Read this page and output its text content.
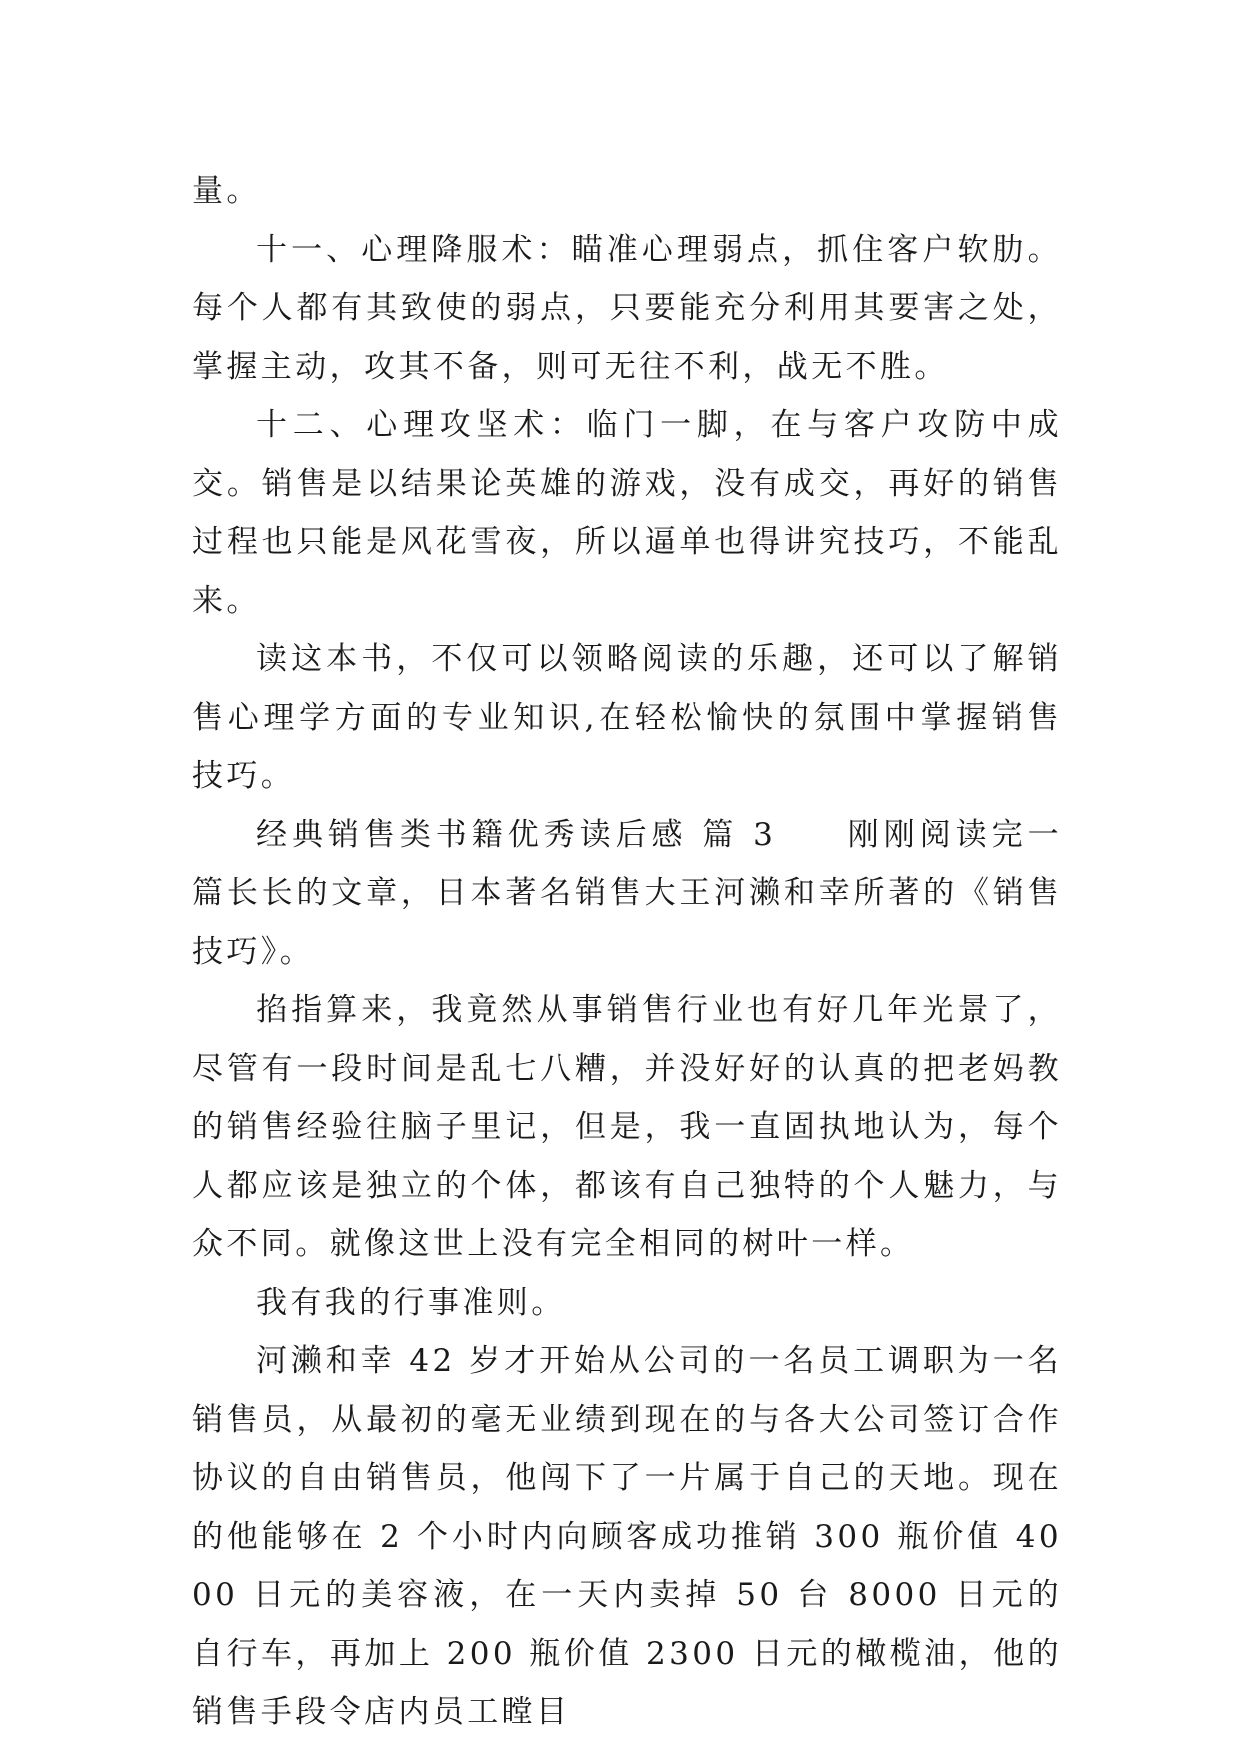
量。

十一、心理降服术：瞄准心理弱点，抓住客户软肋。每个人都有其致使的弱点，只要能充分利用其要害之处，掌握主动，攻其不备，则可无往不利，战无不胜。

十二、心理攻坚术：临门一脚，在与客户攻防中成交。销售是以结果论英雄的游戏，没有成交，再好的销售过程也只能是风花雪夜，所以逼单也得讲究技巧，不能乱来。

读这本书，不仅可以领略阅读的乐趣，还可以了解销售心理学方面的专业知识,在轻松愉快的氛围中掌握销售技巧。

经典销售类书籍优秀读后感 篇 3 刚刚阅读完一篇长长的文章，日本著名销售大王河濑和幸所著的《销售技巧》。

掐指算来，我竟然从事销售行业也有好几年光景了，尽管有一段时间是乱七八糟，并没好好的认真的把老妈教的销售经验往脑子里记，但是，我一直固执地认为，每个人都应该是独立的个体，都该有自己独特的个人魅力，与众不同。就像这世上没有完全相同的树叶一样。

我有我的行事准则。

河濑和幸 42 岁才开始从公司的一名员工调职为一名销售员，从最初的毫无业绩到现在的与各大公司签订合作协议的自由销售员，他闯下了一片属于自己的天地。现在的他能够在 2 个小时内向顾客成功推销 300 瓶价值 4000 日元的美容液，在一天内卖掉 50 台 8000 日元的自行车，再加上 200 瓶价值 2300 日元的橄榄油，他的销售手段令店内员工瞠目
